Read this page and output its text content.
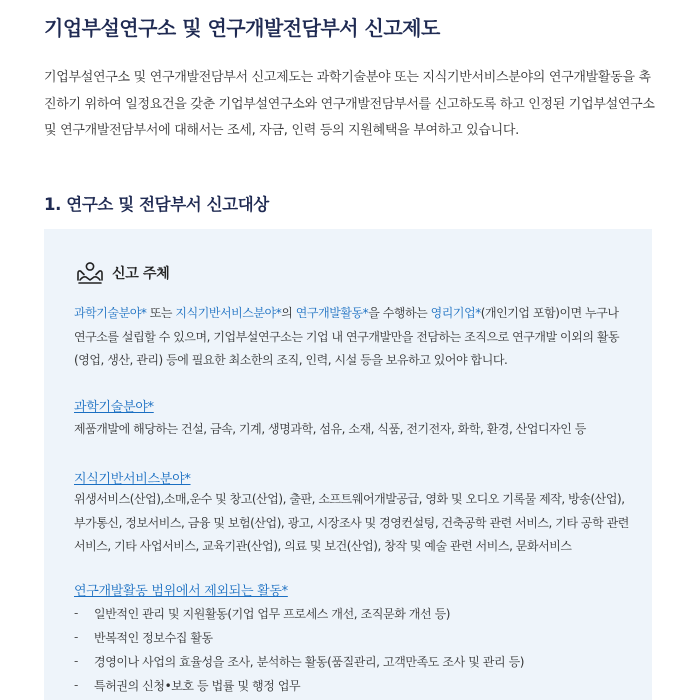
기업부설연구소 및 연구개발전담부서 신고제도
기업부설연구소 및 연구개발전담부서 신고제도는 과학기술분야 또는 지식기반서비스분야의 연구개발활동을 촉진하기 위하여 일정요건을 갖춘 기업부설연구소와 연구개발전담부서를 신고하도록 하고 인정된 기업부설연구소 및 연구개발전담부서에 대해서는 조세, 자금, 인력 등의 지원혜택을 부여하고 있습니다.
1. 연구소 및 전담부서 신고대상
신고 주체
과학기술분야* 또는 지식기반서비스분야*의 연구개발활동*을 수행하는 영리기업*(개인기업 포함)이면 누구나 연구소를 설립할 수 있으며, 기업부설연구소는 기업 내 연구개발만을 전담하는 조직으로 연구개발 이외의 활동(영업, 생산, 관리) 등에 필요한 최소한의 조직, 인력, 시설 등을 보유하고 있어야 합니다.
과학기술분야*
제품개발에 해당하는 건설, 금속, 기계, 생명과학, 섬유, 소재, 식품, 전기전자, 화학, 환경, 산업디자인 등
지식기반서비스분야*
위생서비스(산업),소매,운수 및 창고(산업), 출판, 소프트웨어개발공급, 영화 및 오디오 기록물 제작, 방송(산업), 부가통신, 정보서비스, 금융 및 보험(산업), 광고, 시장조사 및 경영컨설팅, 건축공학 관련 서비스, 기타 공학 관련 서비스, 기타 사업서비스, 교육기관(산업), 의료 및 보건(산업), 창작 및 예술 관련 서비스, 문화서비스
연구개발활동 범위에서 제외되는 활동*
-	일반적인 관리 및 지원활동(기업 업무 프로세스 개선, 조직문화 개선 등)
-	반복적인 정보수집 활동
-	경영이나 사업의 효율성을 조사, 분석하는 활동(품질관리, 고객만족도 조사 및 관리 등)
-	특허권의 신청•보호 등 법률 및 행정 업무
